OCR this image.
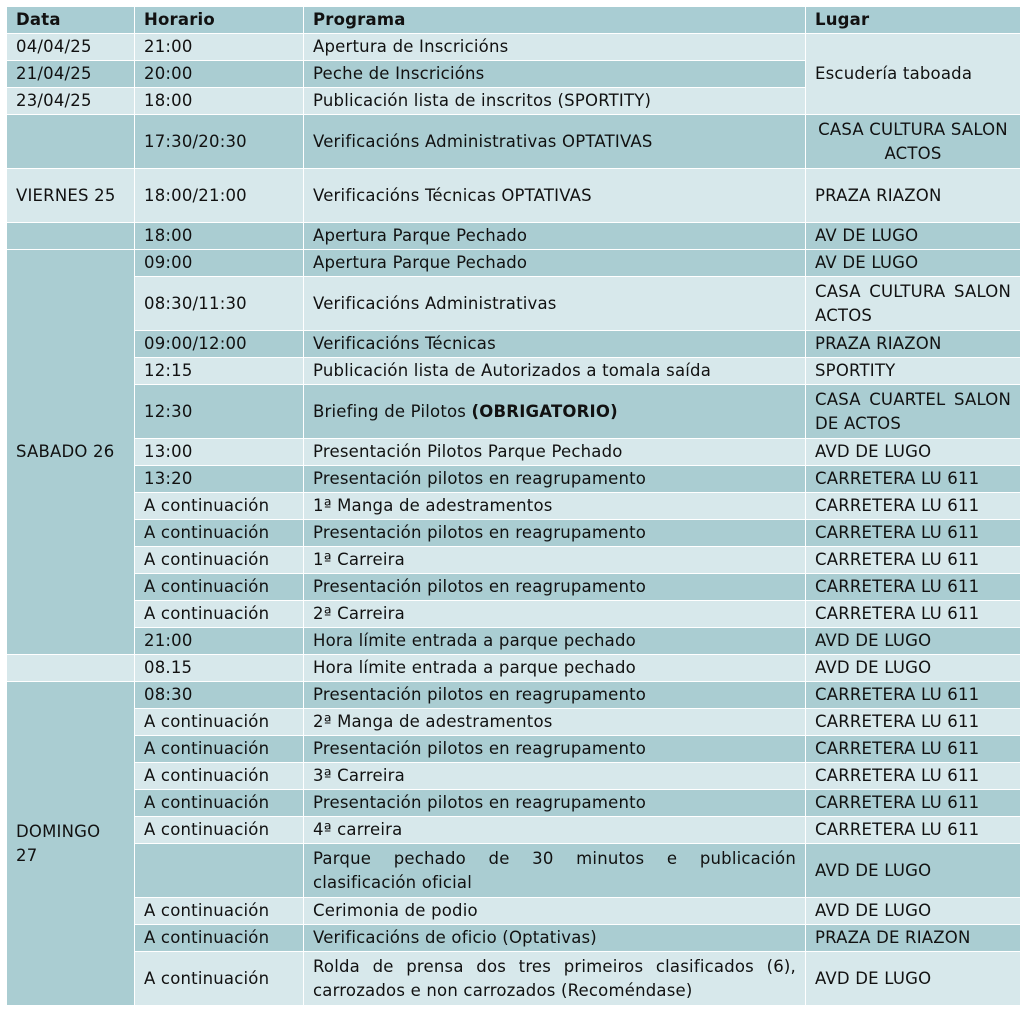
Data	Horario	Programa	Lugar
04/04/25	21:00	Apertura de Inscricións	Escudería taboada
21/04/25	20:00	Peche de Inscricións	
23/04/25	18:00	Publicación lista de inscritos (SPORTITY)	
	17:30/20:30	Verificacións Administrativas OPTATIVAS	CASA CULTURA SALON ACTOS
VIERNES 25	18:00/21:00	Verificacións Técnicas OPTATIVAS	PRAZA RIAZON
	18:00	Apertura Parque Pechado	AV DE LUGO
SABADO 26	09:00	Apertura Parque Pechado	AV DE LUGO
	08:30/11:30	Verificacións Administrativas	CASA CULTURA SALON ACTOS
	09:00/12:00	Verificacións Técnicas	PRAZA RIAZON
	12:15	Publicación lista de Autorizados a tomala saída	SPORTITY
	12:30	Briefing de Pilotos (OBRIGATORIO)	CASA CUARTEL SALON DE ACTOS
	13:00	Presentación Pilotos Parque Pechado	AVD DE LUGO
	13:20	Presentación pilotos en reagrupamento	CARRETERA LU 611
	A continuación	1ª Manga de adestramentos	CARRETERA LU 611
	A continuación	Presentación pilotos en reagrupamento	CARRETERA LU 611
	A continuación	1ª Carreira	CARRETERA LU 611
	A continuación	Presentación pilotos en reagrupamento	CARRETERA LU 611
	A continuación	2ª Carreira	CARRETERA LU 611
	21:00	Hora límite entrada a parque pechado	AVD DE LUGO
	08.15	Hora límite entrada a parque pechado	AVD DE LUGO
DOMINGO 27	08:30	Presentación pilotos en reagrupamento	CARRETERA LU 611
	A continuación	2ª Manga de adestramentos	CARRETERA LU 611
	A continuación	Presentación pilotos en reagrupamento	CARRETERA LU 611
	A continuación	3ª Carreira	CARRETERA LU 611
	A continuación	Presentación pilotos en reagrupamento	CARRETERA LU 611
	A continuación	4ª carreira	CARRETERA LU 611
		Parque pechado de 30 minutos e publicación clasificación oficial	AVD DE LUGO
	A continuación	Cerimonia de podio	AVD DE LUGO
	A continuación	Verificacións de oficio (Optativas)	PRAZA DE RIAZON
	A continuación	Rolda de prensa dos tres primeiros clasificados (6), carrozados e non carrozados (Recoméndase)	AVD DE LUGO
